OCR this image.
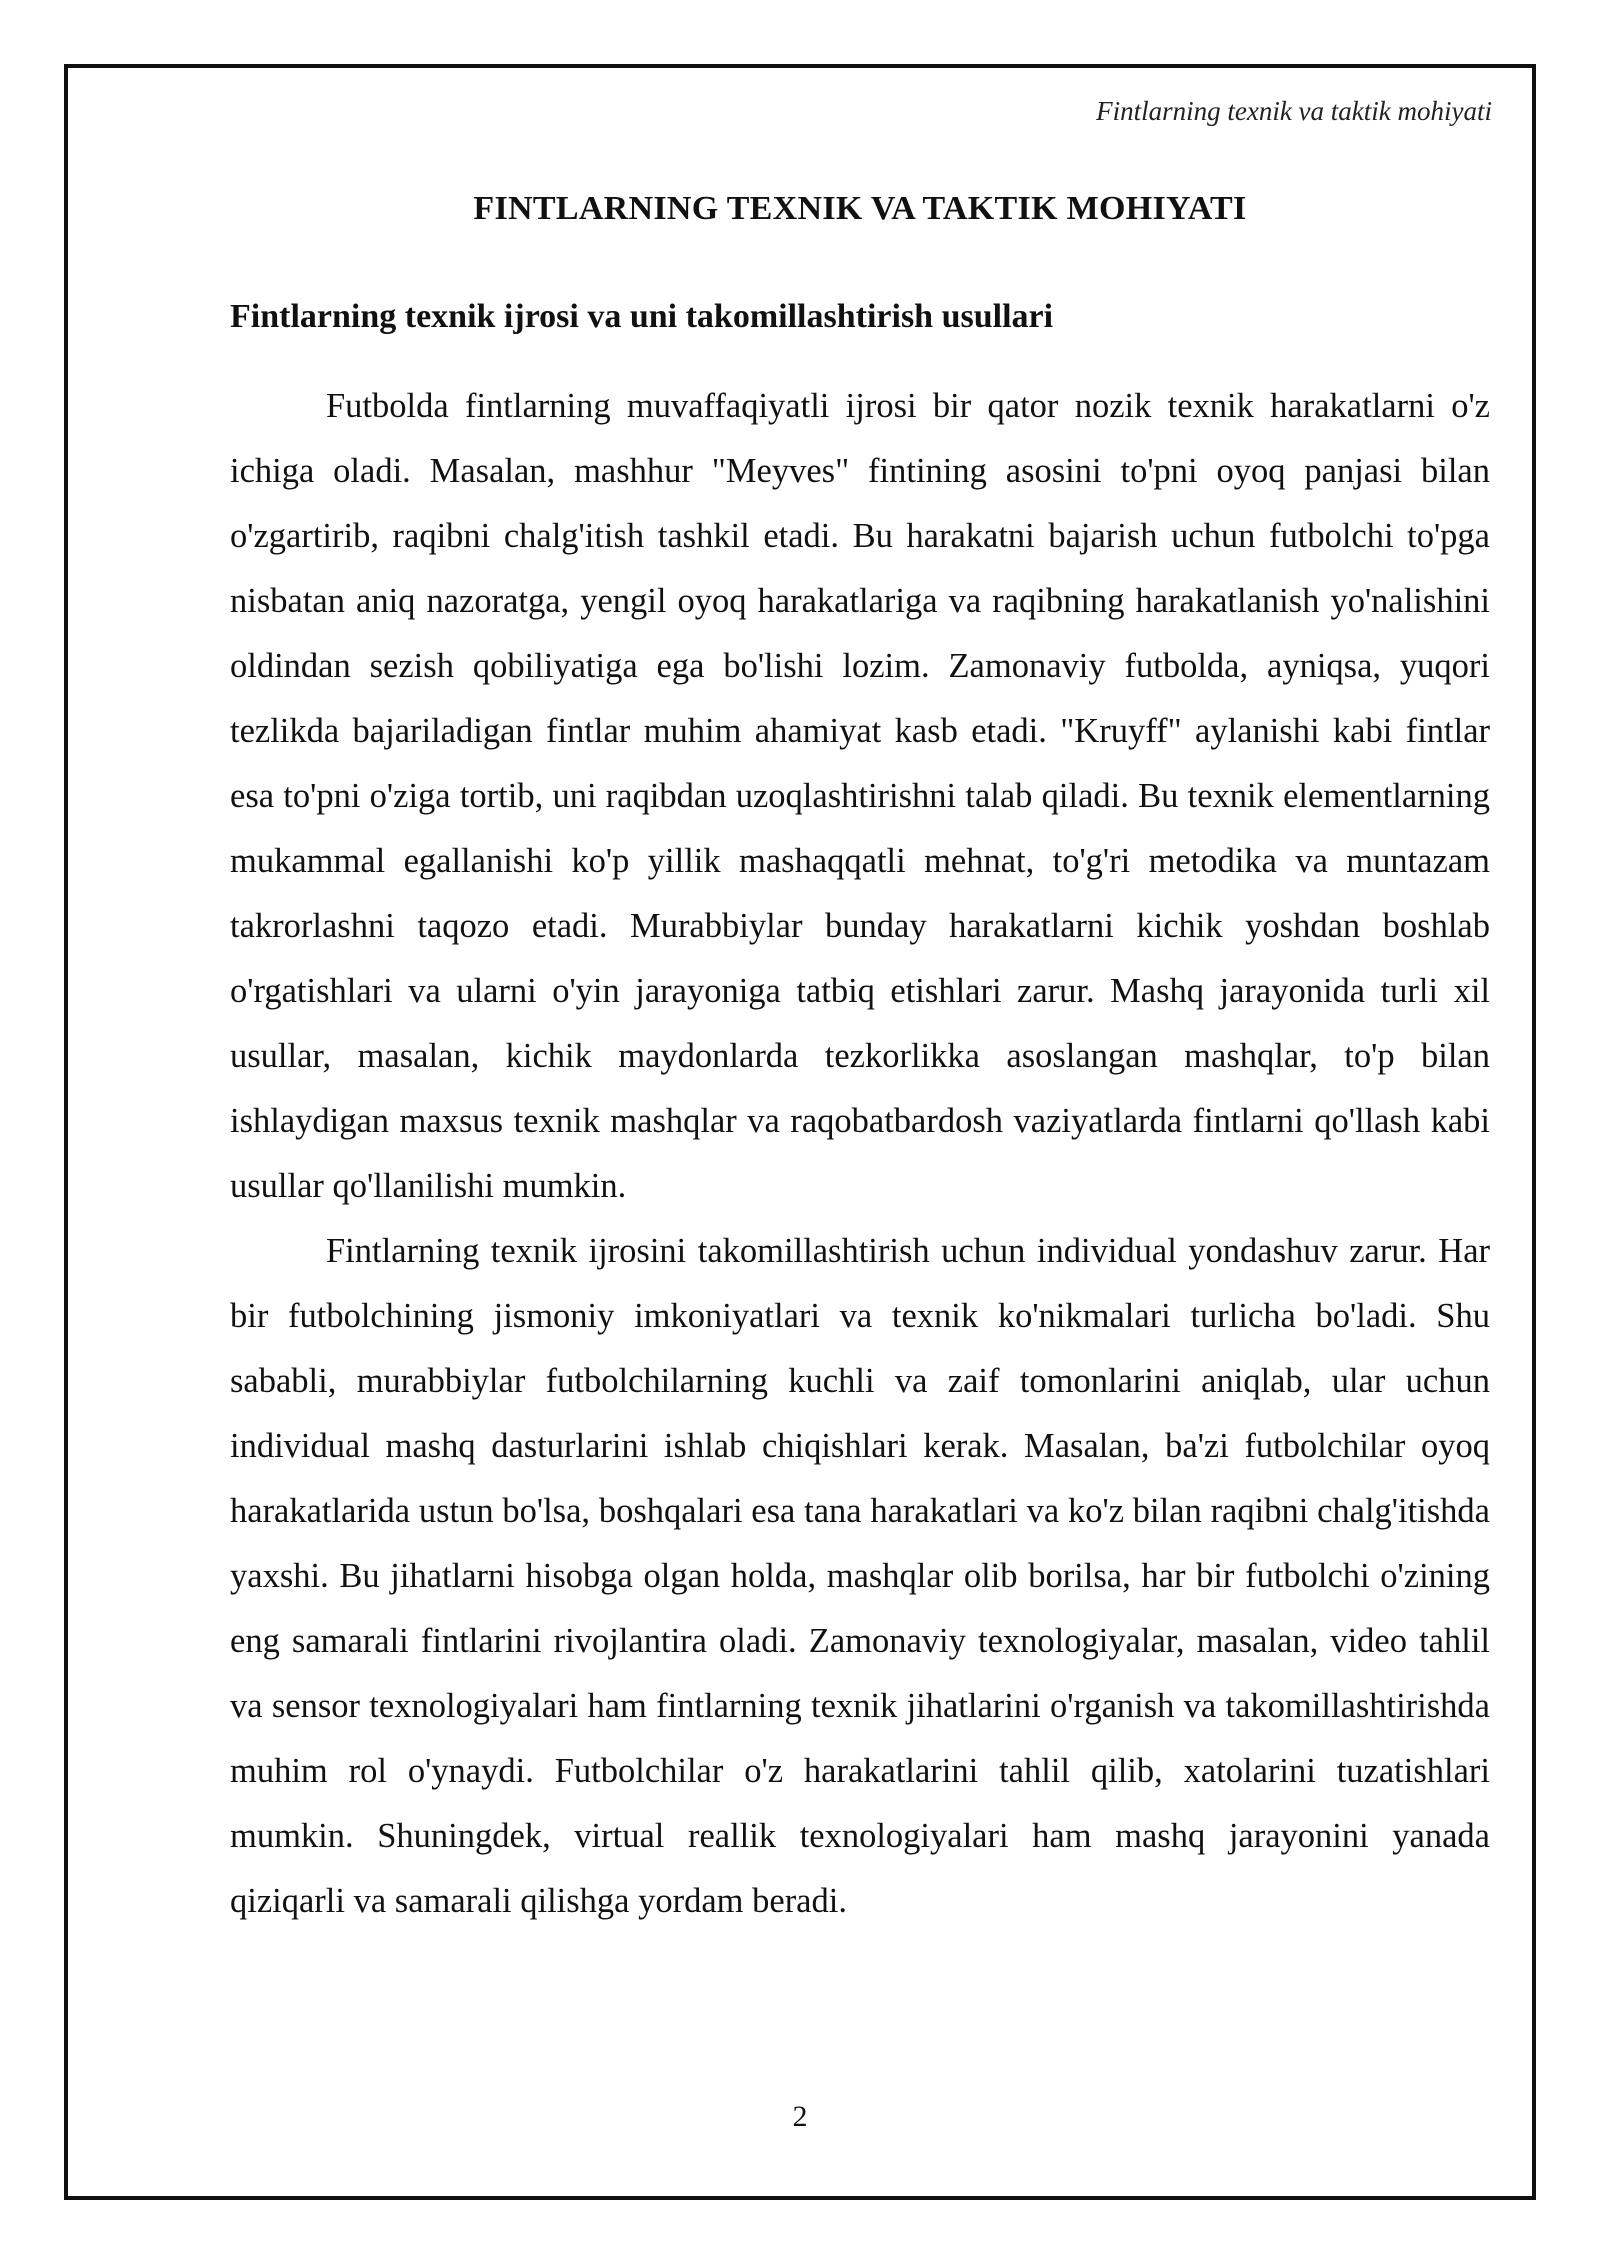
Fintlarning texnik va taktik mohiyati
FINTLARNING TEXNIK VA TAKTIK MOHIYATI
Fintlarning texnik ijrosi va uni takomillashtirish usullari

Futbolda fintlarning muvaffaqiyatli ijrosi bir qator nozik texnik harakatlarni o'z ichiga oladi. Masalan, mashhur "Meyves" fintining asosini to'pni oyoq panjasi bilan o'zgartirib, raqibni chalg'itish tashkil etadi. Bu harakatni bajarish uchun futbolchi to'pga nisbatan aniq nazoratga, yengil oyoq harakatlariga va raqibning harakatlanish yo'nalishini oldindan sezish qobiliyatiga ega bo'lishi lozim. Zamonaviy futbolda, ayniqsa, yuqori tezlikda bajariladigan fintlar muhim ahamiyat kasb etadi. "Kruyff" aylanishi kabi fintlar esa to'pni o'ziga tortib, uni raqibdan uzoqlashtirishni talab qiladi. Bu texnik elementlarning mukammal egallanishi ko'p yillik mashaqqatli mehnat, to'g'ri metodika va muntazam takrorlashni taqozo etadi. Murabbiylar bunday harakatlarni kichik yoshdan boshlab o'rgatishlari va ularni o'yin jarayoniga tatbiq etishlari zarur. Mashq jarayonida turli xil usullar, masalan, kichik maydonlarda tezkorlikka asoslangan mashqlar, to'p bilan ishlaydigan maxsus texnik mashqlar va raqobatbardosh vaziyatlarda fintlarni qo'llash kabi usullar qo'llanilishi mumkin.

Fintlarning texnik ijrosini takomillashtirish uchun individual yondashuv zarur. Har bir futbolchining jismoniy imkoniyatlari va texnik ko'nikmalari turlicha bo'ladi. Shu sababli, murabbiylar futbolchilarning kuchli va zaif tomonlarini aniqlab, ular uchun individual mashq dasturlarini ishlab chiqishlari kerak. Masalan, ba'zi futbolchilar oyoq harakatlarida ustun bo'lsa, boshqalari esa tana harakatlari va ko'z bilan raqibni chalg'itishda yaxshi. Bu jihatlarni hisobga olgan holda, mashqlar olib borilsa, har bir futbolchi o'zining eng samarali fintlarini rivojlantira oladi. Zamonaviy texnologiyalar, masalan, video tahlil va sensor texnologiyalari ham fintlarning texnik jihatlarini o'rganish va takomillashtirishda muhim rol o'ynaydi. Futbolchilar o'z harakatlarini tahlil qilib, xatolarini tuzatishlari mumkin. Shuningdek, virtual reallik texnologiyalari ham mashq jarayonini yanada qiziqarli va samarali qilishga yordam beradi.

2
